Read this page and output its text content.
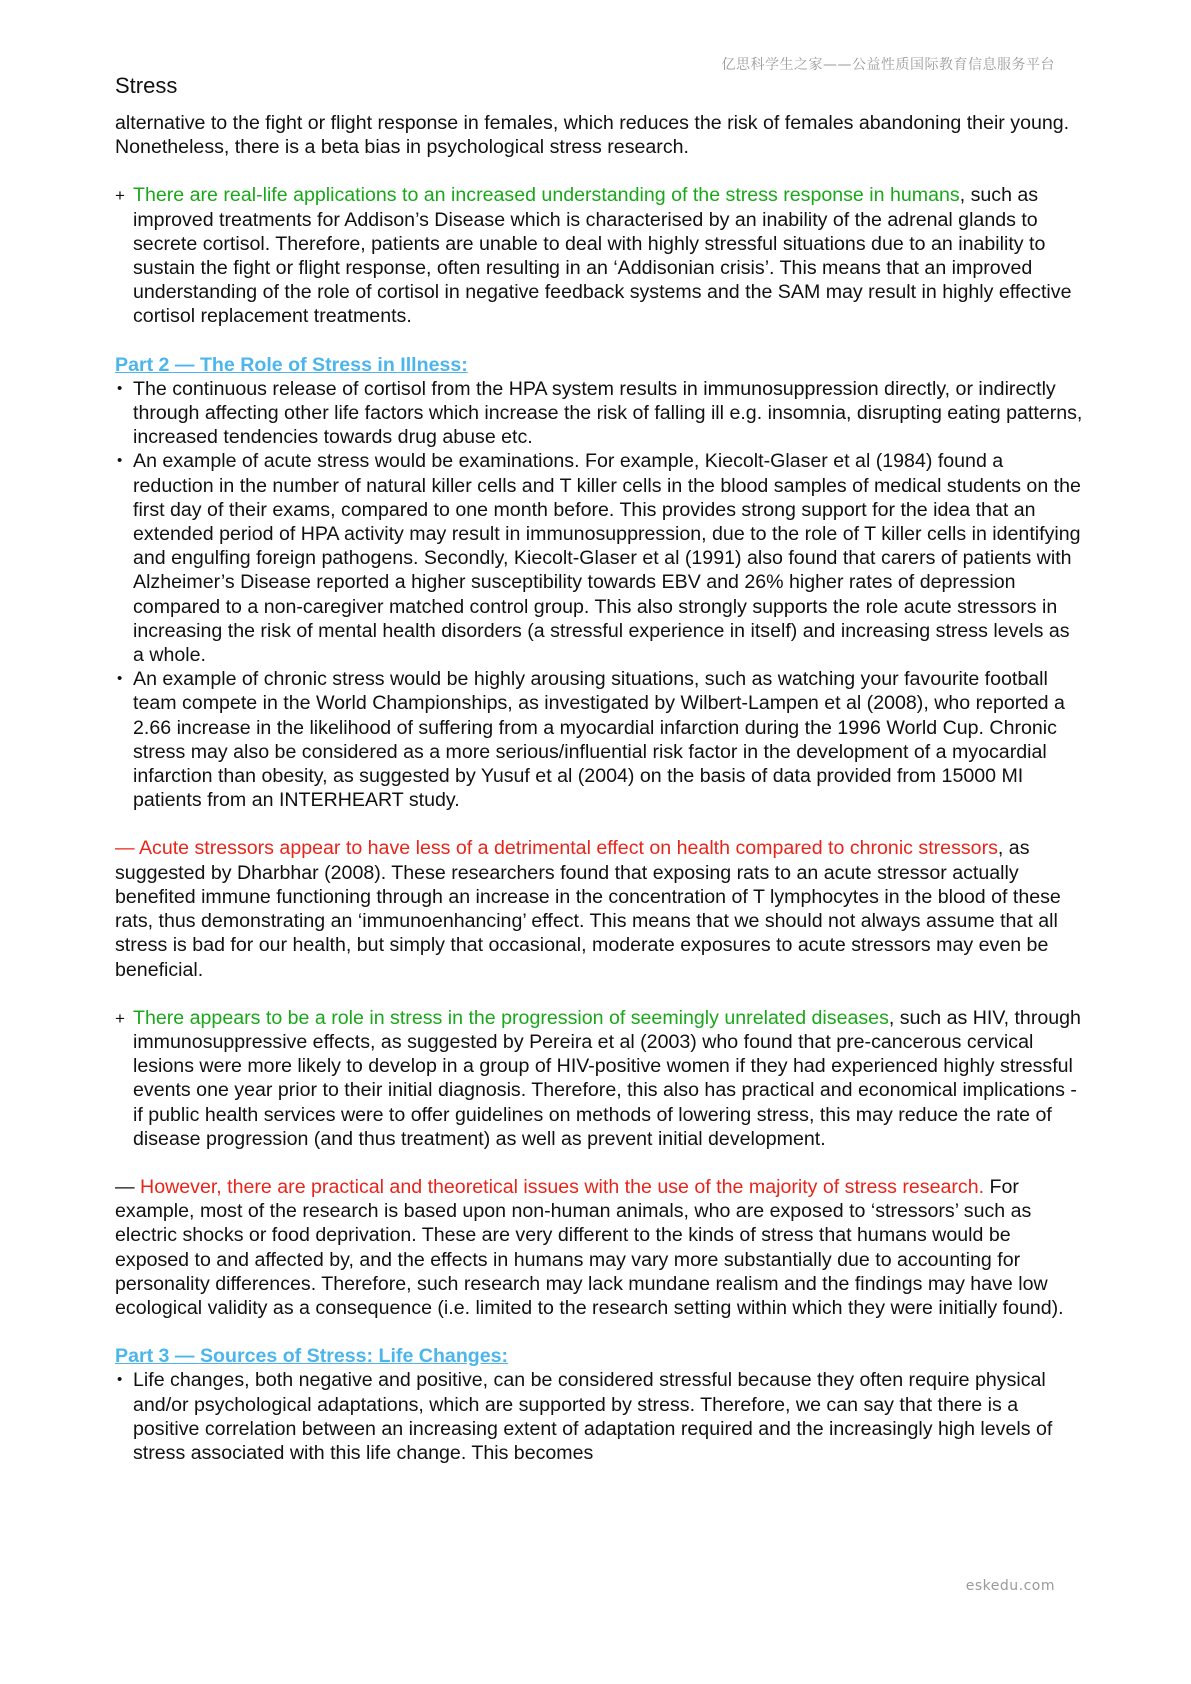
亿思科学生之家——公益性质国际教育信息服务平台
Stress

alternative to the fight or flight response in females, which reduces the risk of females abandoning their young. Nonetheless, there is a beta bias in psychological stress research.

+ There are real-life applications to an increased understanding of the stress response in humans, such as improved treatments for Addison’s Disease which is characterised by an inability of the adrenal glands to secrete cortisol. Therefore, patients are unable to deal with highly stressful situations due to an inability to sustain the fight or flight response, often resulting in an ‘Addisonian crisis’. This means that an improved understanding of the role of cortisol in negative feedback systems and the SAM may result in highly effective cortisol replacement treatments.
Part 2 — The Role of Stress in Illness:
• The continuous release of cortisol from the HPA system results in immunosuppression directly, or indirectly through affecting other life factors which increase the risk of falling ill e.g. insomnia, disrupting eating patterns, increased tendencies towards drug abuse etc.
• An example of acute stress would be examinations. For example, Kiecolt-Glaser et al (1984) found a reduction in the number of natural killer cells and T killer cells in the blood samples of medical students on the first day of their exams, compared to one month before. This provides strong support for the idea that an extended period of HPA activity may result in immunosuppression, due to the role of T killer cells in identifying and engulfing foreign pathogens. Secondly, Kiecolt-Glaser et al (1991) also found that carers of patients with Alzheimer’s Disease reported a higher susceptibility towards EBV and 26% higher rates of depression compared to a non-caregiver matched control group. This also strongly supports the role acute stressors in increasing the risk of mental health disorders (a stressful experience in itself) and increasing stress levels as a whole.
• An example of chronic stress would be highly arousing situations, such as watching your favourite football team compete in the World Championships, as investigated by Wilbert-Lampen et al (2008), who reported a 2.66 increase in the likelihood of suffering from a myocardial infarction during the 1996 World Cup. Chronic stress may also be considered as a more serious/influential risk factor in the development of a myocardial infarction than obesity, as suggested by Yusuf et al (2004) on the basis of data provided from 15000 MI patients from an INTERHEART study.

— Acute stressors appear to have less of a detrimental effect on health compared to chronic stressors, as suggested by Dharbhar (2008). These researchers found that exposing rats to an acute stressor actually benefited immune functioning through an increase in the concentration of T lymphocytes in the blood of these rats, thus demonstrating an ‘immunoenhancing’ effect. This means that we should not always assume that all stress is bad for our health, but simply that occasional, moderate exposures to acute stressors may even be beneficial.

+ There appears to be a role in stress in the progression of seemingly unrelated diseases, such as HIV, through immunosuppressive effects, as suggested by Pereira et al (2003) who found that pre-cancerous cervical lesions were more likely to develop in a group of HIV-positive women if they had experienced highly stressful events one year prior to their initial diagnosis. Therefore, this also has practical and economical implications - if public health services were to offer guidelines on methods of lowering stress, this may reduce the rate of disease progression (and thus treatment) as well as prevent initial development.

— However, there are practical and theoretical issues with the use of the majority of stress research. For example, most of the research is based upon non-human animals, who are exposed to ‘stressors’ such as electric shocks or food deprivation. These are very different to the kinds of stress that humans would be exposed to and affected by, and the effects in humans may vary more substantially due to accounting for personality differences. Therefore, such research may lack mundane realism and the findings may have low ecological validity as a consequence (i.e. limited to the research setting within which they were initially found).

Part 3 — Sources of Stress: Life Changes:
• Life changes, both negative and positive, can be considered stressful because they often require physical and/or psychological adaptations, which are supported by stress. Therefore, we can say that there is a positive correlation between an increasing extent of adaptation required and the increasingly high levels of stress associated with this life change. This becomes
eskedu.com
